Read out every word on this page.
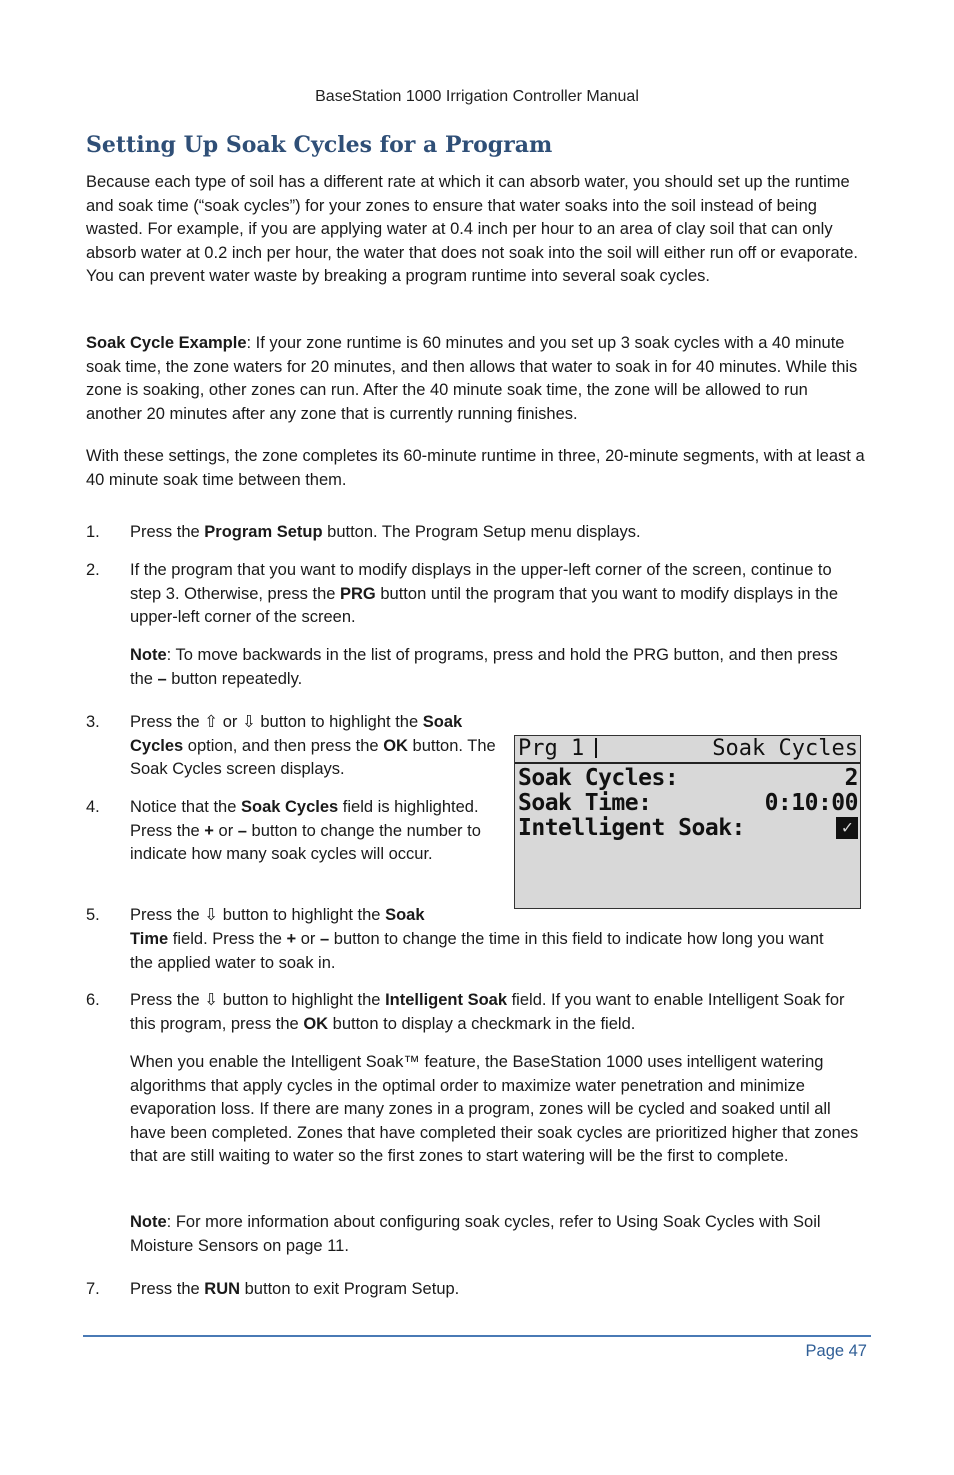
BaseStation 1000 Irrigation Controller Manual
Setting Up Soak Cycles for a Program

Because each type of soil has a different rate at which it can absorb water, you should set up the runtime and soak time (“soak cycles”) for your zones to ensure that water soaks into the soil instead of being wasted. For example, if you are applying water at 0.4 inch per hour to an area of clay soil that can only absorb water at 0.2 inch per hour, the water that does not soak into the soil will either run off or evaporate. You can prevent water waste by breaking a program runtime into several soak cycles.

Soak Cycle Example: If your zone runtime is 60 minutes and you set up 3 soak cycles with a 40 minute soak time, the zone waters for 20 minutes, and then allows that water to soak in for 40 minutes. While this zone is soaking, other zones can run. After the 40 minute soak time, the zone will be allowed to run another 20 minutes after any zone that is currently running finishes.

With these settings, the zone completes its 60-minute runtime in three, 20-minute segments, with at least a 40 minute soak time between them.

1. Press the Program Setup button. The Program Setup menu displays.

2. If the program that you want to modify displays in the upper-left corner of the screen, continue to step 3. Otherwise, press the PRG button until the program that you want to modify displays in the upper-left corner of the screen.

Note: To move backwards in the list of programs, press and hold the PRG button, and then press the – button repeatedly.

3. Press the ⇧ or ⇩ button to highlight the Soak Cycles option, and then press the OK button. The Soak Cycles screen displays.

4. Notice that the Soak Cycles field is highlighted. Press the + or – button to change the number to indicate how many soak cycles will occur.

Prg 1	Soak Cycles
Soak Cycles:	2
Soak Time:	0:10:00
Intelligent Soak:	✓
5. Press the ⇩ button to highlight the Soak

Time field. Press the + or – button to change the time in this field to indicate how long you want the applied water to soak in.

6. Press the ⇩ button to highlight the Intelligent Soak field. If you want to enable Intelligent Soak for this program, press the OK button to display a checkmark in the field.

When you enable the Intelligent Soak™ feature, the BaseStation 1000 uses intelligent watering algorithms that apply cycles in the optimal order to maximize water penetration and minimize evaporation loss. If there are many zones in a program, zones will be cycled and soaked until all have been completed. Zones that have completed their soak cycles are prioritized higher that zones that are still waiting to water so the first zones to start watering will be the first to complete.

Note: For more information about configuring soak cycles, refer to Using Soak Cycles with Soil Moisture Sensors on page 11.

7. Press the RUN button to exit Program Setup.

Page 47
